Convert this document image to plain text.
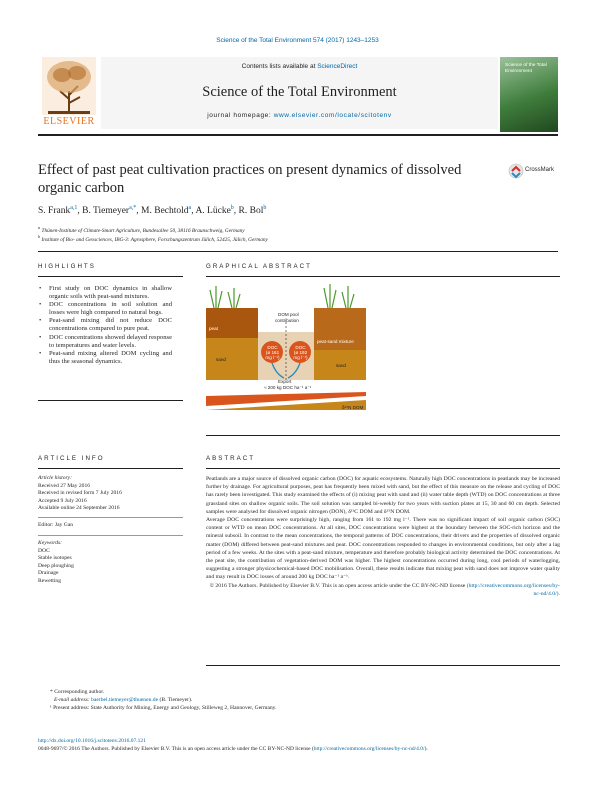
Science of the Total Environment 574 (2017) 1243–1253
Contents lists available at ScienceDirect
Science of the Total Environment
journal homepage: www.elsevier.com/locate/scitotenv
ELSEVIER
Science of the Total Environment
Effect of past peat cultivation practices on present dynamics of dissolved organic carbon
CrossMark
S. Frank$^{a,1}$, B. Tiemeyer$^{a,*}$, M. Bechtold$^a$, A. Lücke$^b$, R. Bol$^b$
$^a$ Thünen-Institute of Climate-Smart Agriculture, Bundesallee 50, 38116 Braunschweig, Germany
$^b$ Institute of Bio- and Geosciences, IBG-3: Agrosphere, Forschungszentrum Jülich, 52425, Jülich, Germany
HIGHLIGHTS
• First study on DOC dynamics in shallow organic soils with peat-sand mixtures.
• DOC concentrations in soil solution and losses were high compared to natural bogs.
• Peat-sand mixing did not reduce DOC concentrations compared to pure peat.
• DOC concentrations showed delayed response to temperatures and water levels.
• Peat-sand mixing altered DOM cycling and thus the seasonal dynamics.
GRAPHICAL ABSTRACT
peat
sand
DOM pool
contribution
peat-sand mixture
sand
DOC
(ø 161
mg l⁻¹)
DOC
(ø 192
mg l⁻¹)
Export
≈ 200 kg DOC ha⁻¹ a⁻¹
DOC:DON ratio
δ¹⁵N DOM
ARTICLE INFO
Article history:
Received 27 May 2016
Received in revised form 7 July 2016
Accepted 9 July 2016
Available online 24 September 2016
Editor: Jay Gan
Keywords:
DOC
Stable isotopes
Deep ploughing
Drainage
Rewetting
ABSTRACT

Peatlands are a major source of dissolved organic carbon (DOC) for aquatic ecosystems. Naturally high DOC concentrations in peatlands may be increased further by drainage. For agricultural purposes, peat has frequently been mixed with sand, but the effect of this measure on the release and cycling of DOC has rarely been investigated. This study examined the effects of (i) mixing peat with sand and (ii) water table depth (WTD) on DOC concentrations at three grassland sites on shallow organic soils. The soil solution was sampled bi-weekly for two years with suction plates at 15, 30 and 60 cm depth. Selected samples were analysed for dissolved organic nitrogen (DON), δ¹³C DOM and δ¹⁵N DOM.

Average DOC concentrations were surprisingly high, ranging from 161 to 192 mg l⁻¹. There was no significant impact of soil organic carbon (SOC) content or WTD on mean DOC concentrations. At all sites, DOC concentrations were highest at the boundary between the SOC-rich horizon and the mineral subsoil. In contrast to the mean concentrations, the temporal patterns of DOC concentrations, their drivers and the properties of dissolved organic matter (DOM) differed between peat-sand mixtures and peat. DOC concentrations responded to changes in environmental conditions, but only after a lag period of a few weeks. At the sites with a peat-sand mixture, temperature and therefore probably biological activity determined the DOC concentrations. At the peat site, the contribution of vegetation-derived DOM was higher. The highest concentrations occurred during long, cool periods of waterlogging, suggesting a stronger physicochemical-based DOC mobilisation. Overall, these results indicate that mixing peat with sand does not improve water quality and may result in DOC losses of around 200 kg DOC ha⁻¹ a⁻¹.

© 2016 The Authors. Published by Elsevier B.V. This is an open access article under the CC BY-NC-ND license (http://creativecommons.org/licenses/by-nc-nd/4.0/).

* Corresponding author.
E-mail address: baerbel.tiemeyer@thuenen.de (B. Tiemeyer).
¹ Present address: State Authority for Mining, Energy and Geology, Stilleweg 2, Hannover, Germany.
http://dx.doi.org/10.1016/j.scitotenv.2016.07.121
0048-9697/© 2016 The Authors. Published by Elsevier B.V. This is an open access article under the CC BY-NC-ND license (http://creativecommons.org/licenses/by-nc-nd/4.0/).
